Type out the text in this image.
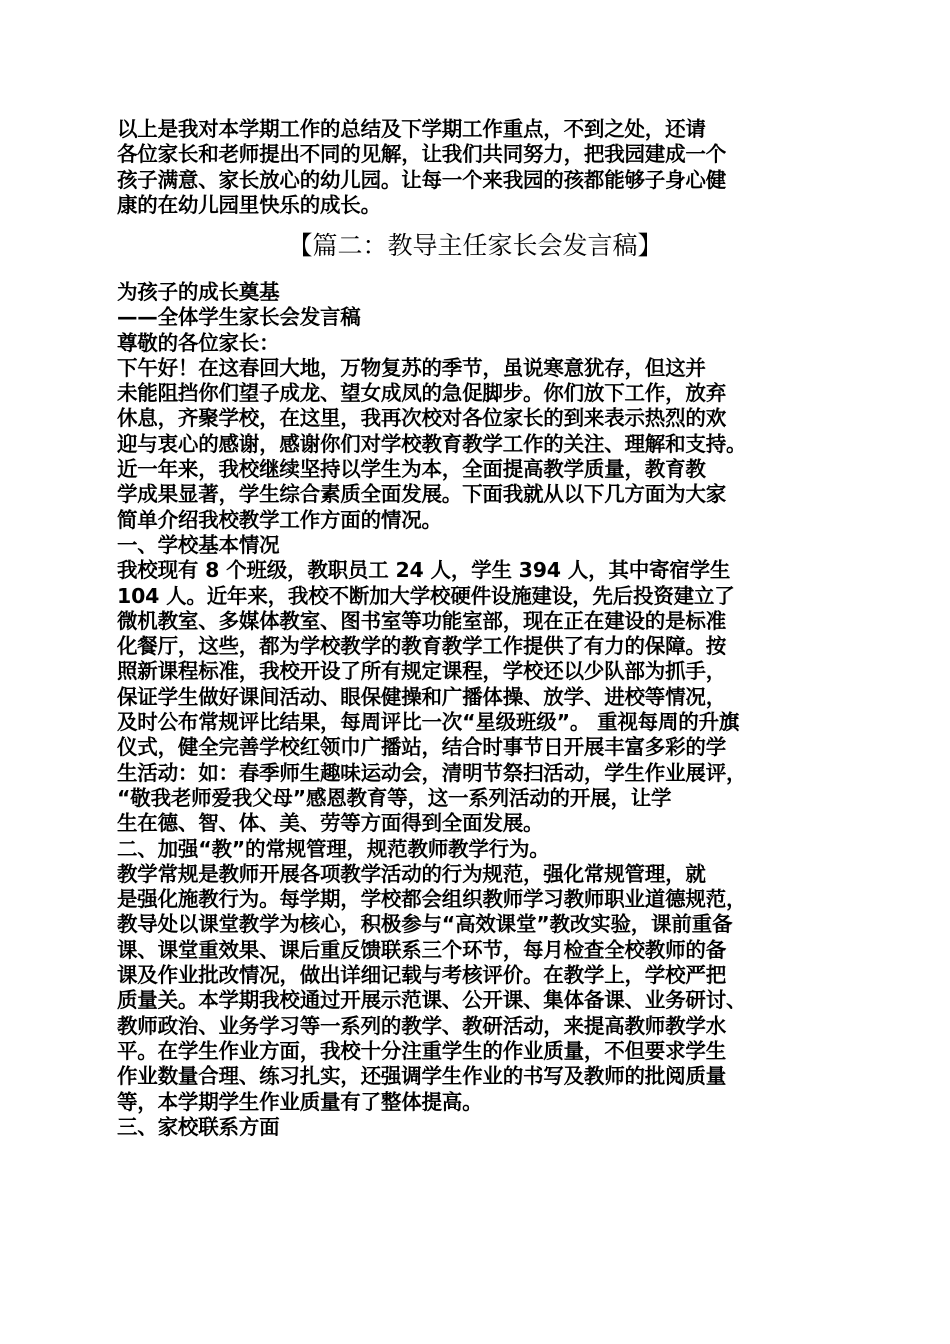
以上是我对本学期工作的总结及下学期工作重点，不到之处，还请
各位家长和老师提出不同的见解，让我们共同努力，把我园建成一个
孩子满意、家长放心的幼儿园。让每一个来我园的孩都能够子身心健
康的在幼儿园里快乐的成长。
【篇二：教导主任家长会发言稿】
为孩子的成长奠基
——全体学生家长会发言稿
尊敬的各位家长：
下午好！在这春回大地，万物复苏的季节，虽说寒意犹存，但这并
未能阻挡你们望子成龙、望女成凤的急促脚步。你们放下工作，放弃
休息，齐聚学校，在这里，我再次校对各位家长的到来表示热烈的欢
迎与衷心的感谢，感谢你们对学校教育教学工作的关注、理解和支持。
近一年来，我校继续坚持以学生为本，全面提高教学质量，教育教
学成果显著，学生综合素质全面发展。下面我就从以下几方面为大家
简单介绍我校教学工作方面的情况。
一、学校基本情况
我校现有 8 个班级，教职员工 24 人，学生 394 人，其中寄宿学生
104 人。近年来，我校不断加大学校硬件设施建设，先后投资建立了
微机教室、多媒体教室、图书室等功能室部，现在正在建设的是标准
化餐厅，这些，都为学校教学的教育教学工作提供了有力的保障。按
照新课程标准，我校开设了所有规定课程，学校还以少队部为抓手，
保证学生做好课间活动、眼保健操和广播体操、放学、进校等情况，
及时公布常规评比结果，每周评比一次“星级班级”。 重视每周的升旗
仪式，健全完善学校红领巾广播站，结合时事节日开展丰富多彩的学
生活动：如：春季师生趣味运动会，清明节祭扫活动，学生作业展评，
“敬我老师爱我父母”感恩教育等，这一系列活动的开展，让学
生在德、智、体、美、劳等方面得到全面发展。
二、加强“教”的常规管理，规范教师教学行为。
教学常规是教师开展各项教学活动的行为规范，强化常规管理，就
是强化施教行为。每学期，学校都会组织教师学习教师职业道德规范，
教导处以课堂教学为核心，积极参与“高效课堂”教改实验，课前重备
课、课堂重效果、课后重反馈联系三个环节，每月检查全校教师的备
课及作业批改情况，做出详细记载与考核评价。在教学上，学校严把
质量关。本学期我校通过开展示范课、公开课、集体备课、业务研讨、
教师政治、业务学习等一系列的教学、教研活动，来提高教师教学水
平。在学生作业方面，我校十分注重学生的作业质量，不但要求学生
作业数量合理、练习扎实，还强调学生作业的书写及教师的批阅质量
等，本学期学生作业质量有了整体提高。
三、家校联系方面
